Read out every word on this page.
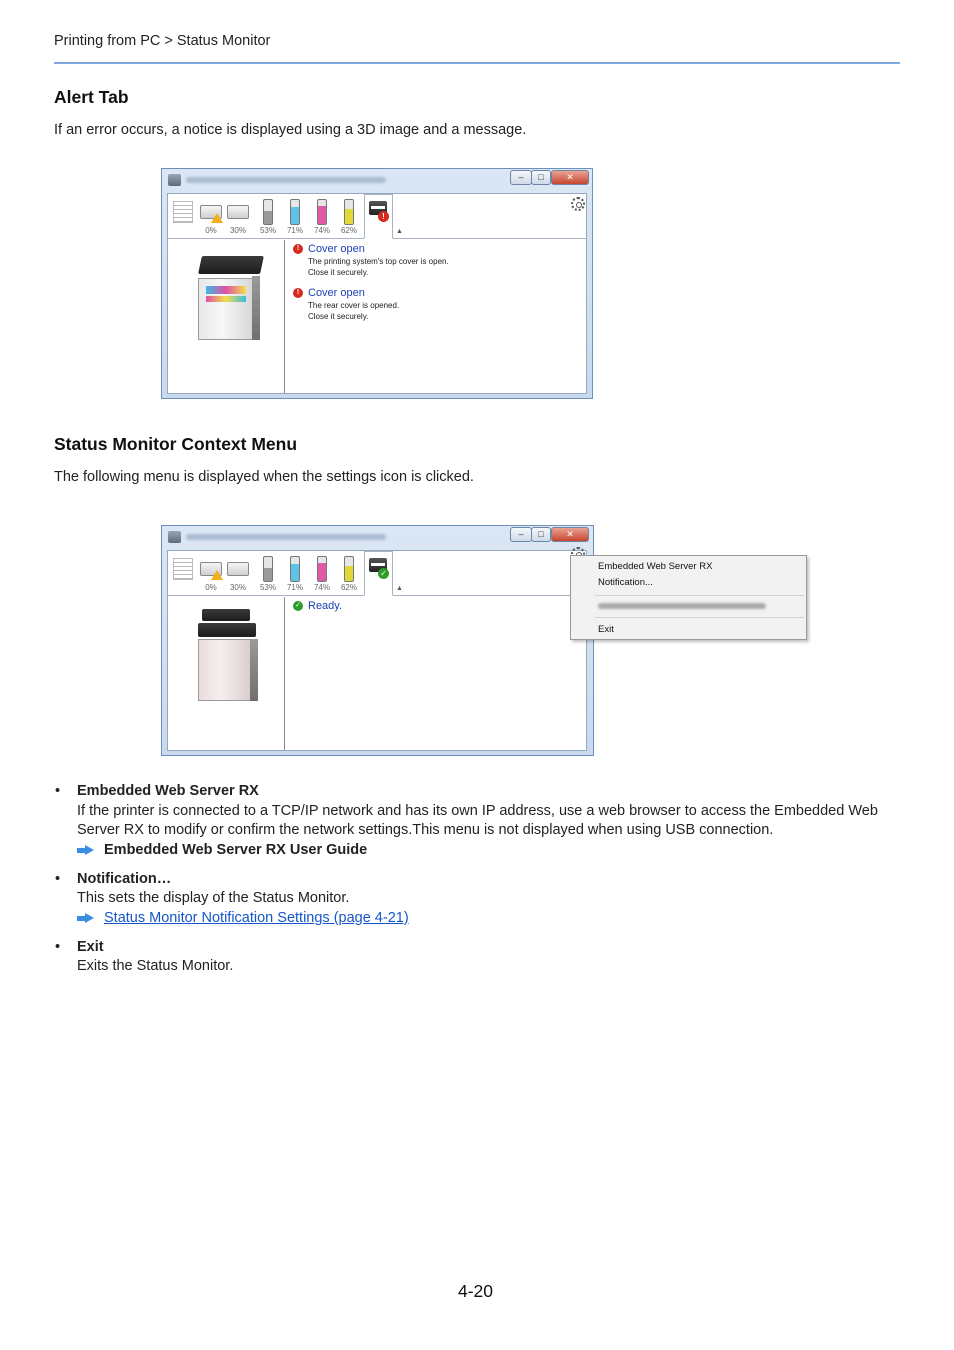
Printing from PC > Status Monitor
Alert Tab
If an error occurs, a notice is displayed using a 3D image and a message.
–	□	✕
0%	30%	53%	71%	74%	62%
!
▲
! Cover open
The printing system's top cover is open.
Close it securely.
! Cover open
The rear cover is opened.
Close it securely.
Status Monitor Context Menu
The following menu is displayed when the settings icon is clicked.
–	□	✕
0%	30%	53%	71%	74%	62%
✓
▲
✓ Ready.
Embedded Web Server RX
Notification...
Exit
• Embedded Web Server RX
If the printer is connected to a TCP/IP network and has its own IP address, use a web browser to access the Embedded Web Server RX to modify or confirm the network settings.This menu is not displayed when using USB connection.
Embedded Web Server RX User Guide
• Notification…
This sets the display of the Status Monitor.
Status Monitor Notification Settings (page 4-21)
• Exit
Exits the Status Monitor.
4-20
